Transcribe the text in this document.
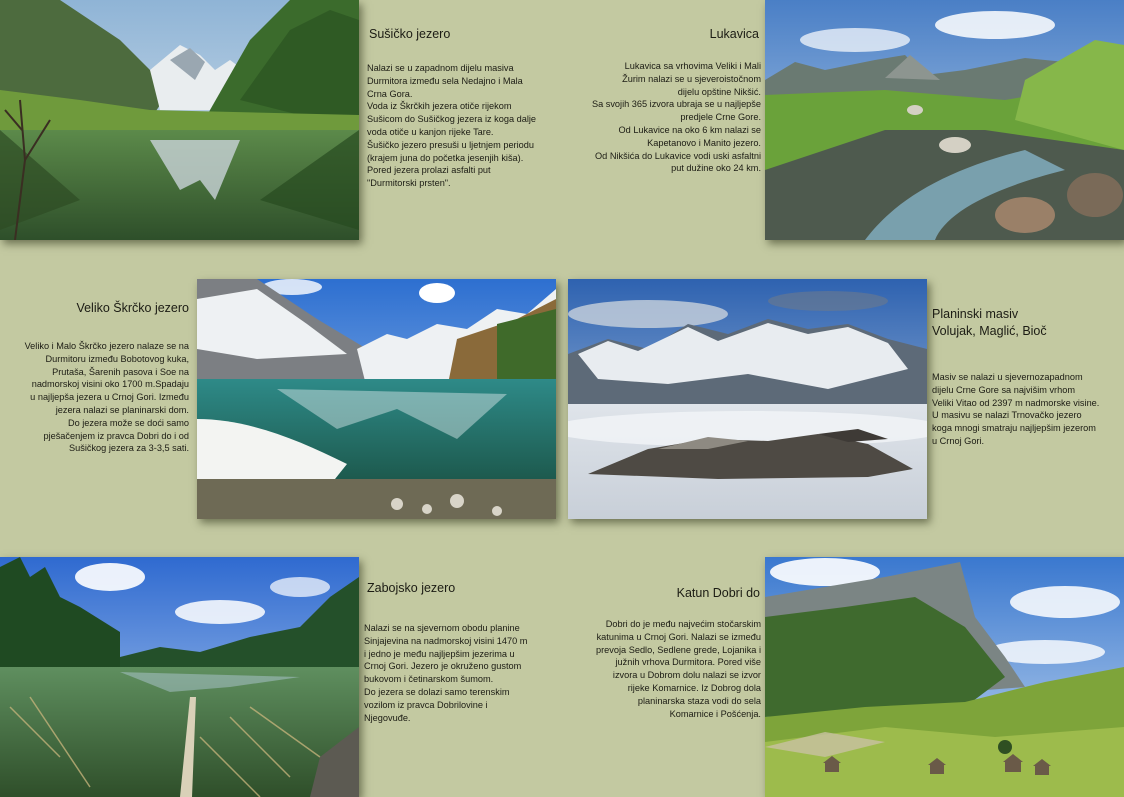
Sušičko jezero
Nalazi se u zapadnom dijelu masiva
Durmitora između sela Nedajno i Mala
Crna Gora.
Voda iz Škrčkih jezera otiče rijekom
Sušicom do Sušičkog jezera iz koga dalje
voda otiče u kanjon rijeke Tare.
Šušičko jezero presuši u ljetnjem periodu
(krajem juna do početka jesenjih kiša).
Pored jezera prolazi asfalti put
"Durmitorski prsten".
Lukavica
Lukavica sa vrhovima Veliki i Mali
Žurim nalazi se u sjeveroistočnom
dijelu opštine Nikšić.
Sa svojih 365 izvora ubraja se u najljepše
predjele Crne Gore.
Od Lukavice na oko 6 km nalazi se
Kapetanovo i Manito jezero.
Od Nikšića do Lukavice vodi uski asfaltni
put dužine oko 24 km.
Veliko Škrčko jezero
Veliko i Malo Škrčko jezero nalaze se na
Durmitoru između Bobotovog kuka,
Prutaša, Šarenih pasova i Soe na
nadmorskoj visini oko 1700 m.Spadaju
u najljepša jezera u Crnoj Gori. Između
jezera nalazi se planinarski dom.
Do jezera može se doći samo
pješačenjem iz pravca Dobri do i od
Sušičkog jezera za 3-3,5 sati.
Planinski masiv
Volujak, Maglić, Bioč
Masiv se nalazi u sjevernozapadnom
dijelu Crne Gore sa najvišim vrhom
Veliki Vitao od 2397 m nadmorske visine.
U masivu se nalazi Trnovačko jezero
koga mnogi smatraju najljepšim jezerom
u Crnoj Gori.
Zabojsko jezero
Nalazi se na sjevernom obodu planine
Sinjajevina na nadmorskoj visini 1470 m
i jedno je među najljepšim jezerima u
Crnoj Gori. Jezero je okruženo gustom
bukovom i četinarskom šumom.
Do jezera se dolazi samo terenskim
vozilom iz pravca Dobrilovine i
Njegovuđe.
Katun Dobri do
Dobri do je među najvećim stočarskim
katunima u Crnoj Gori. Nalazi se između
prevoja Sedlo, Sedlene grede, Lojanika i
južnih vrhova Durmitora. Pored više
izvora u Dobrom dolu nalazi se izvor
rijeke Komarnice. Iz Dobrog dola
planinarska staza vodi do sela
Komarnice i Pošćenja.
